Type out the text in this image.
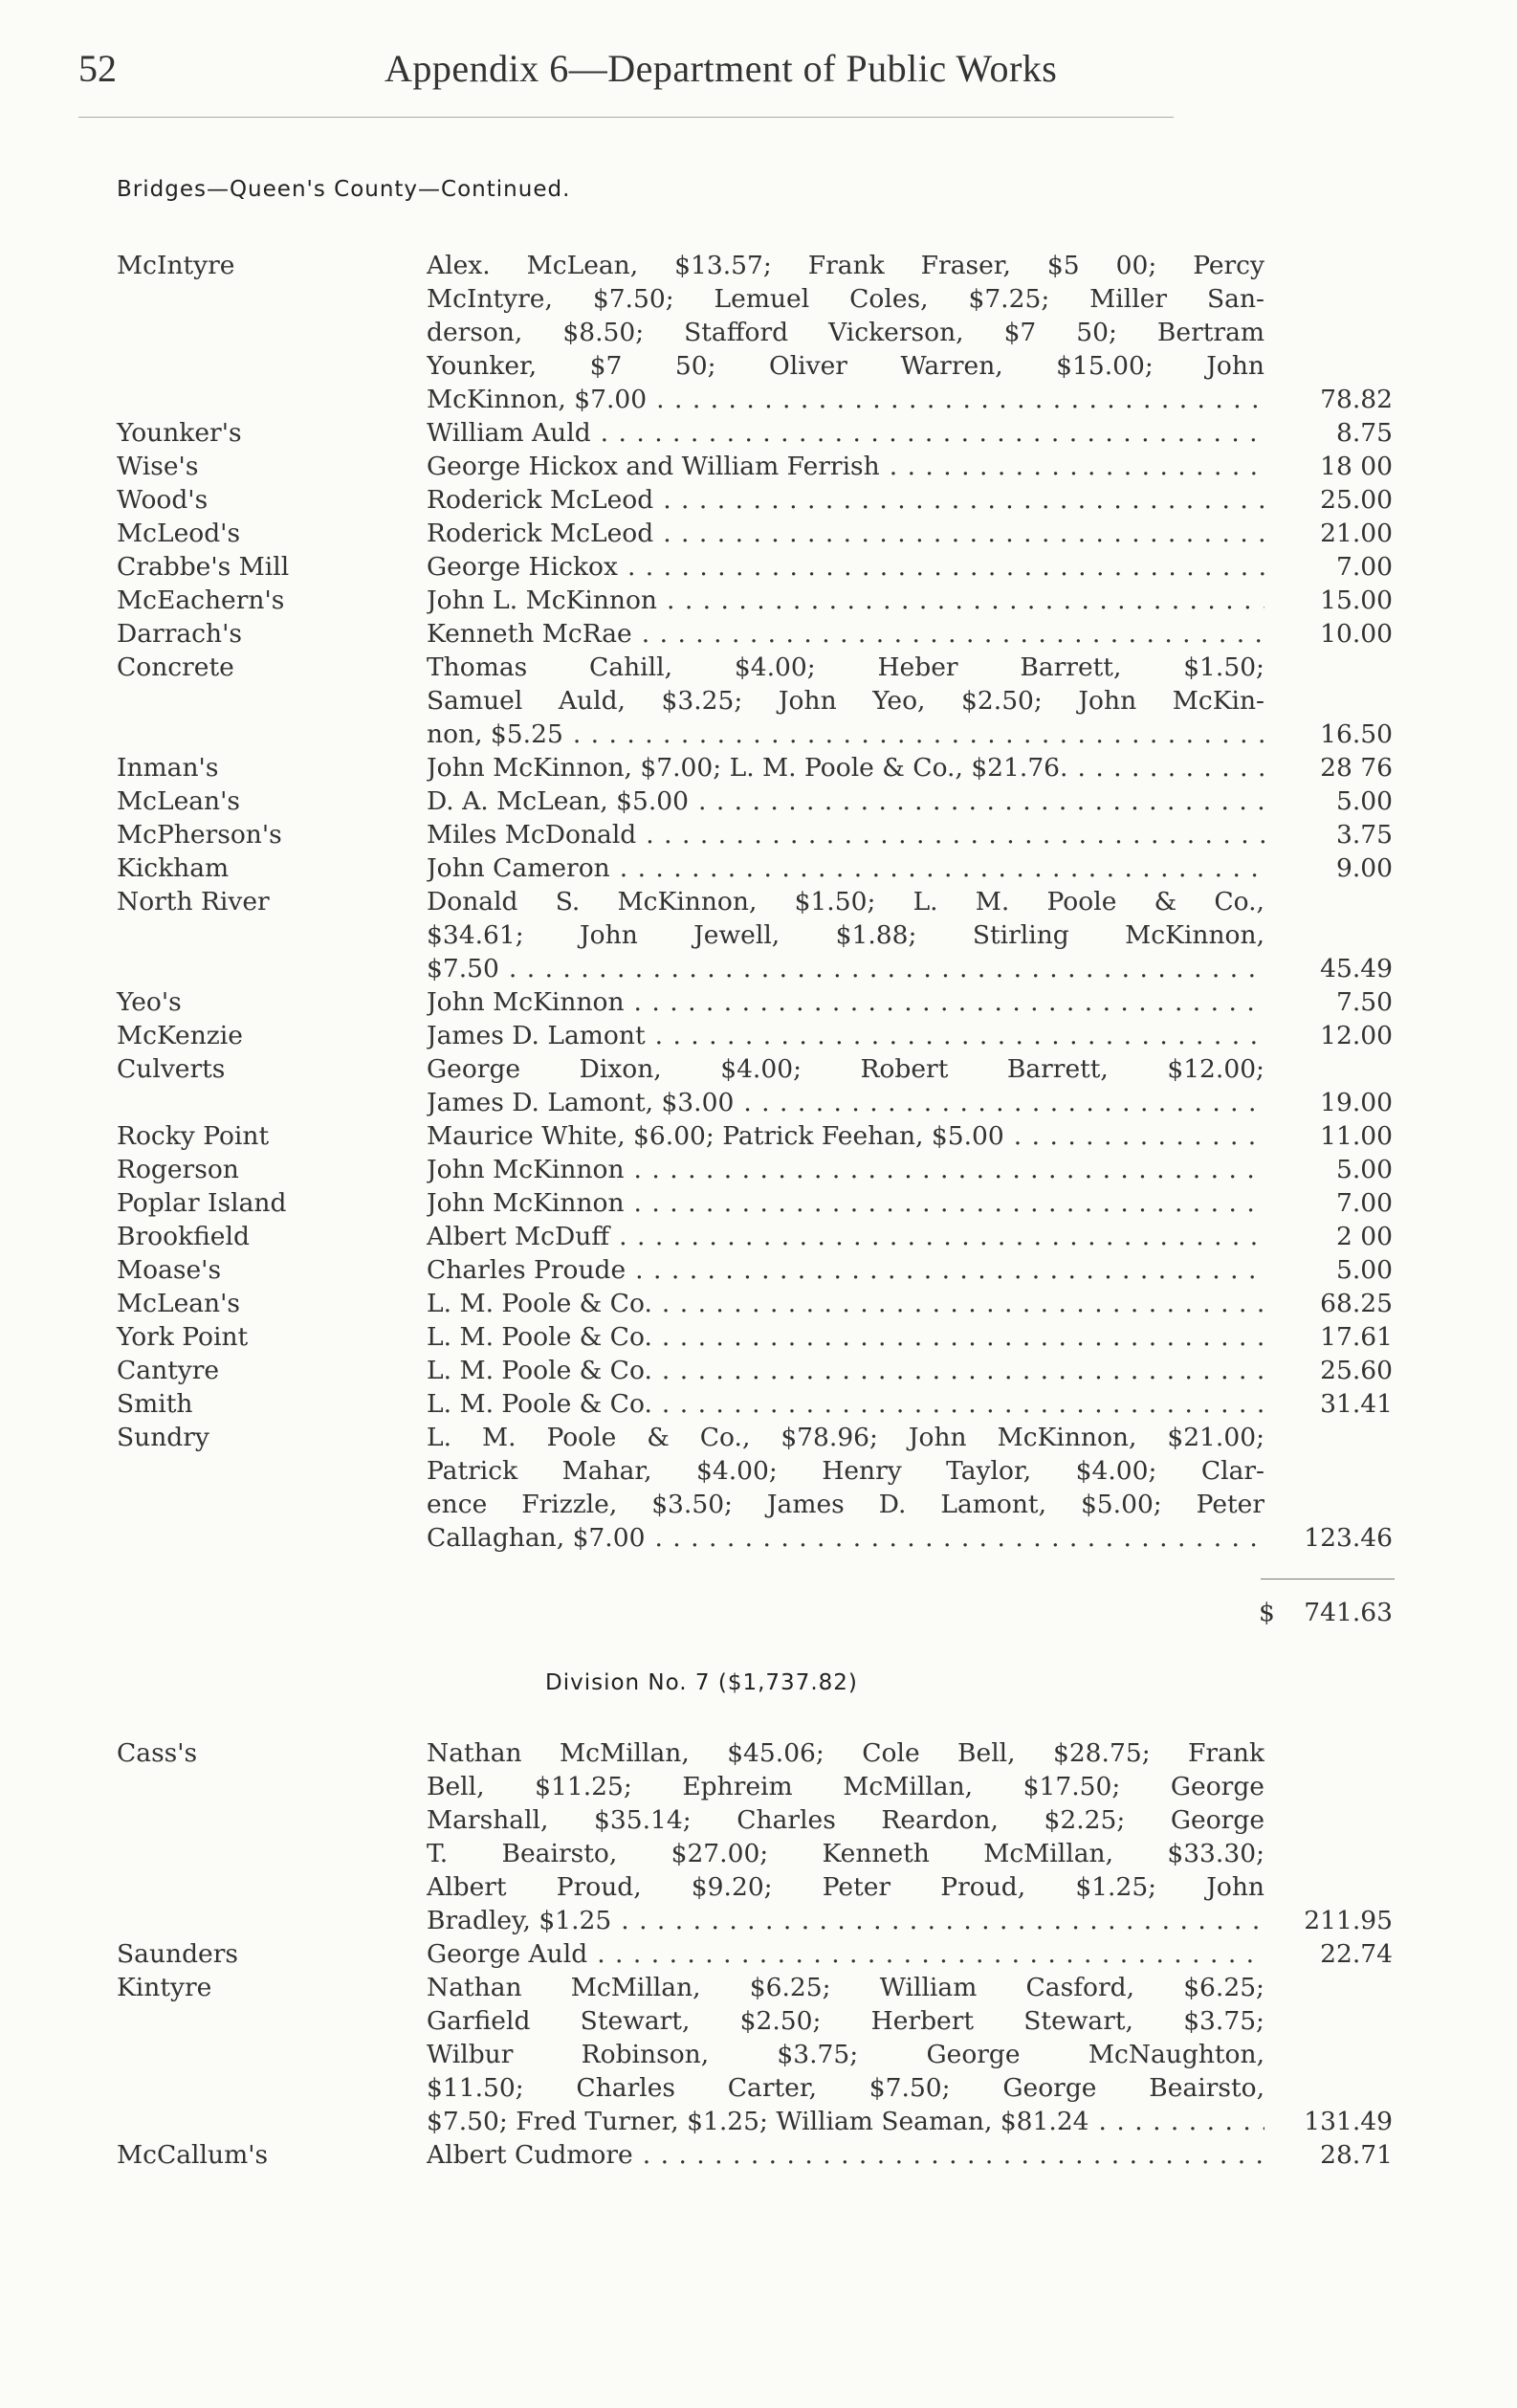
52	Appendix 6—Department of Public Works
Bridges—Queen's County—Continued.
McIntyre	Alex. McLean, $13.57; Frank Fraser, $5 00; Percy
McIntyre, $7.50; Lemuel Coles, $7.25; Miller San-
derson, $8.50; Stafford Vickerson, $7 50; Bertram
Younker, $7 50; Oliver Warren, $15.00; John
McKinnon, $7.00 . . .	78.82
Younker's	William Auld . . .	8.75
Wise's	George Hickox and William Ferrish . . .	18 00
Wood's	Roderick McLeod . . .	25.00
McLeod's	Roderick McLeod . . .	21.00
Crabbe's Mill	George Hickox . . .	7.00
McEachern's	John L. McKinnon . . .	15.00
Darrach's	Kenneth McRae . . .	10.00
Concrete	Thomas Cahill, $4.00; Heber Barrett, $1.50;
Samuel Auld, $3.25; John Yeo, $2.50; John McKin-
non, $5.25 . . .	16.50
Inman's	John McKinnon, $7.00; L. M. Poole & Co., $21.76. . . .	28 76
McLean's	D. A. McLean, $5.00 . . .	5.00
McPherson's	Miles McDonald . . .	3.75
Kickham	John Cameron . . .	9.00
North River	Donald S. McKinnon, $1.50; L. M. Poole & Co.,
$34.61; John Jewell, $1.88; Stirling McKinnon,
$7.50 . . .	45.49
Yeo's	John McKinnon . . .	7.50
McKenzie	James D. Lamont . . .	12.00
Culverts	George Dixon, $4.00; Robert Barrett, $12.00;
James D. Lamont, $3.00 . . .	19.00
Rocky Point	Maurice White, $6.00; Patrick Feehan, $5.00 . . .	11.00
Rogerson	John McKinnon . . .	5.00
Poplar Island	John McKinnon . . .	7.00
Brookfield	Albert McDuff . . .	2 00
Moase's	Charles Proude . . .	5.00
McLean's	L. M. Poole & Co. . . .	68.25
York Point	L. M. Poole & Co. . . .	17.61
Cantyre	L. M. Poole & Co. . . .	25.60
Smith	L. M. Poole & Co. . . .	31.41
Sundry	L. M. Poole & Co., $78.96; John McKinnon, $21.00;
Patrick Mahar, $4.00; Henry Taylor, $4.00; Clar-
ence Frizzle, $3.50; James D. Lamont, $5.00; Peter
Callaghan, $7.00 . . .	123.46
$ 741.63
Division No. 7 ($1,737.82)
Cass's	Nathan McMillan, $45.06; Cole Bell, $28.75; Frank
Bell, $11.25; Ephreim McMillan, $17.50; George
Marshall, $35.14; Charles Reardon, $2.25; George
T. Beairsto, $27.00; Kenneth McMillan, $33.30;
Albert Proud, $9.20; Peter Proud, $1.25; John
Bradley, $1.25 . . .	211.95
Saunders	George Auld . . .	22.74
Kintyre	Nathan McMillan, $6.25; William Casford, $6.25;
Garfield Stewart, $2.50; Herbert Stewart, $3.75;
Wilbur Robinson, $3.75; George McNaughton,
$11.50; Charles Carter, $7.50; George Beairsto,
$7.50; Fred Turner, $1.25; William Seaman, $81.24 . . .	131.49
McCallum's	Albert Cudmore . . .	28.71
